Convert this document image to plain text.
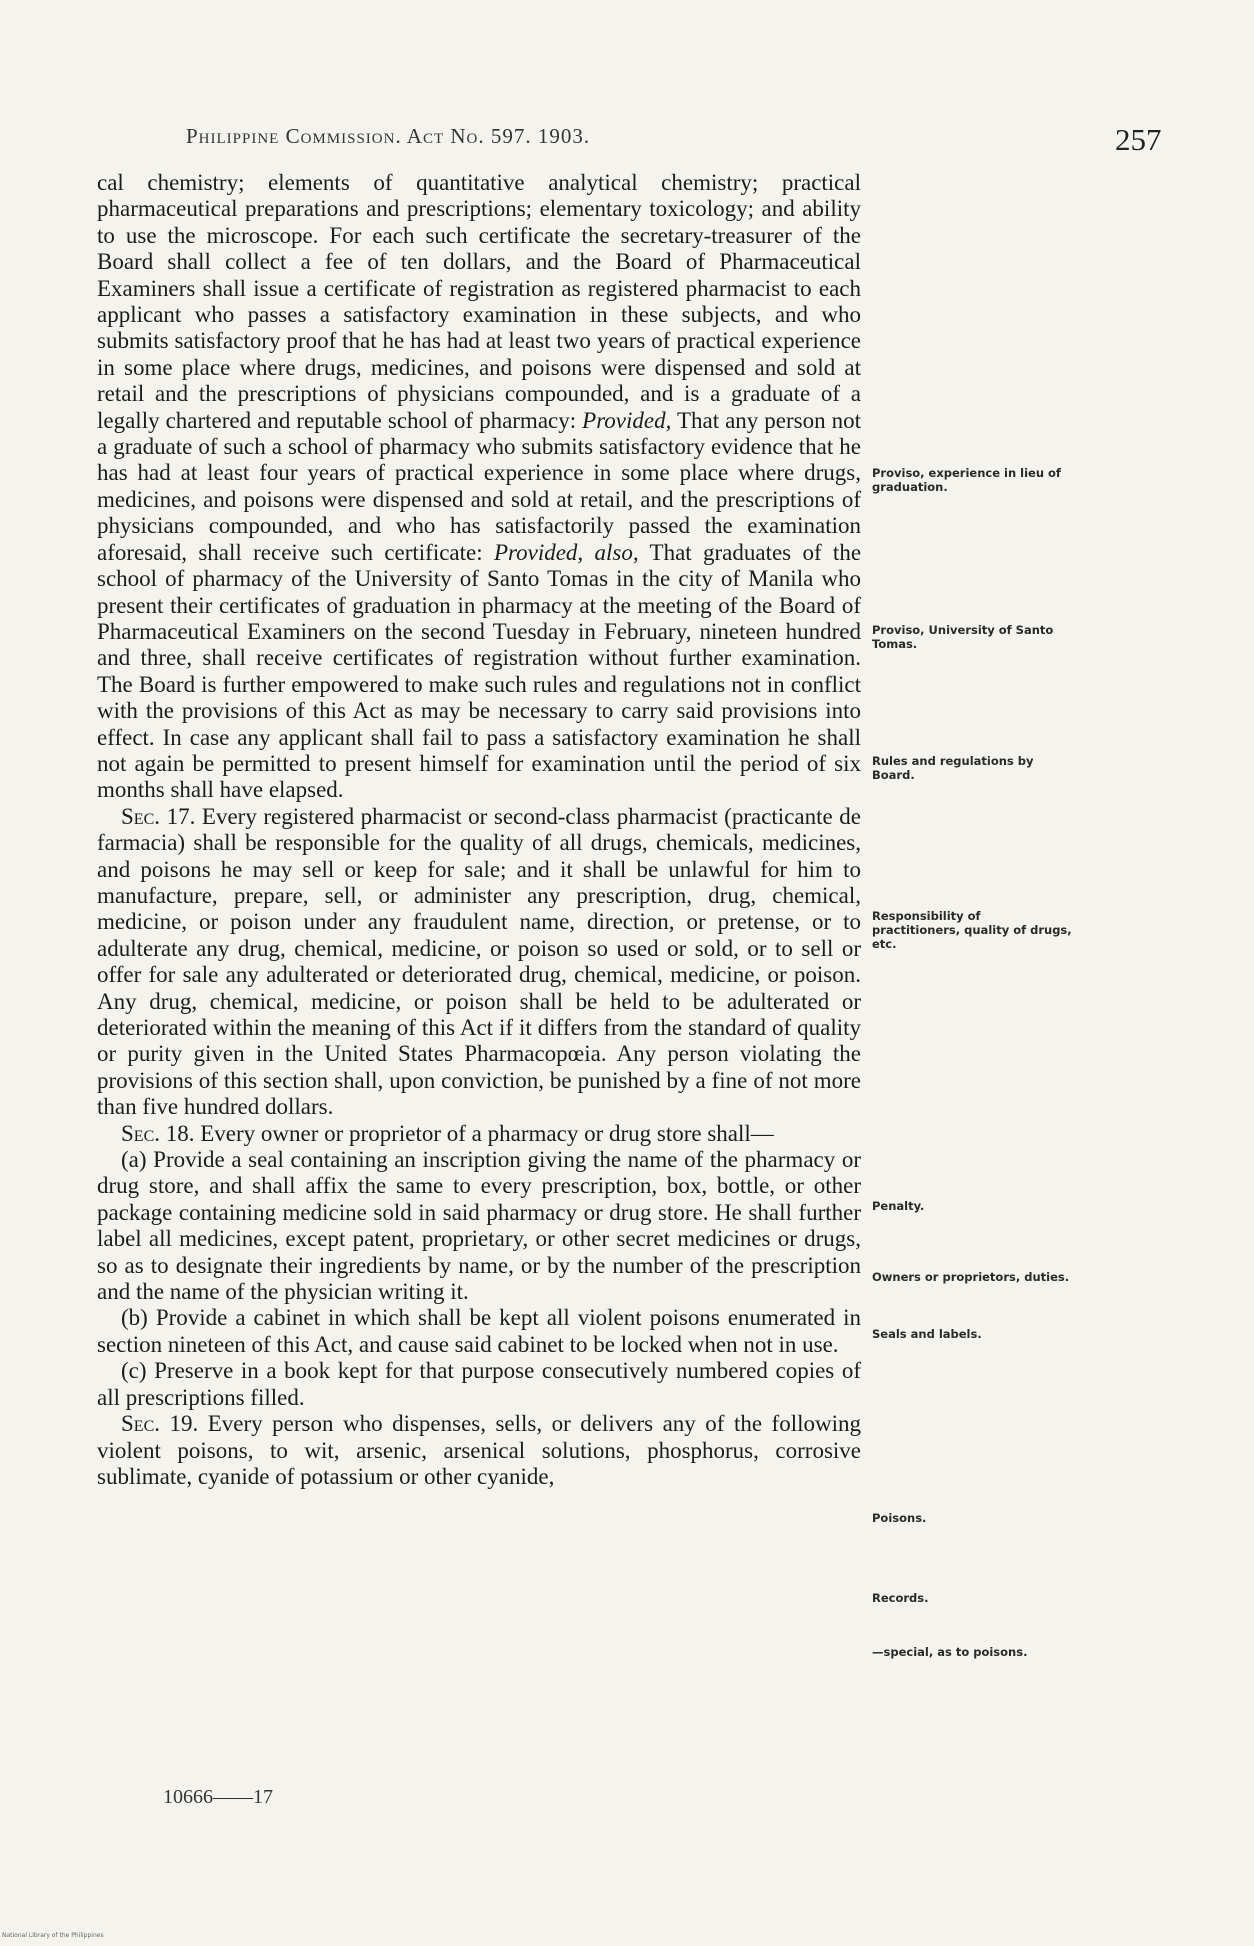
Philippine Commission. Act No. 597. 1903.	257

cal chemistry; elements of quantitative analytical chemistry; practical pharmaceutical preparations and prescriptions; elementary toxicology; and ability to use the microscope. For each such certificate the secretary-treasurer of the Board shall collect a fee of ten dollars, and the Board of Pharmaceutical Examiners shall issue a certificate of registration as registered pharmacist to each applicant who passes a satisfactory examination in these subjects, and who submits satisfactory proof that he has had at least two years of practical experience in some place where drugs, medicines, and poisons were dispensed and sold at retail and the prescriptions of physicians compounded, and is a graduate of a legally chartered and reputable school of pharmacy: Provided, That any person not a graduate of such a school of pharmacy who submits satisfactory evidence that he has had at least four years of practical experience in some place where drugs, medicines, and poisons were dispensed and sold at retail, and the prescriptions of physicians compounded, and who has satisfactorily passed the examination aforesaid, shall receive such certificate: Provided, also, That graduates of the school of pharmacy of the University of Santo Tomas in the city of Manila who present their certificates of graduation in pharmacy at the meeting of the Board of Pharmaceutical Examiners on the second Tuesday in February, nineteen hundred and three, shall receive certificates of registration without further examination. The Board is further empowered to make such rules and regulations not in conflict with the provisions of this Act as may be necessary to carry said provisions into effect. In case any applicant shall fail to pass a satisfactory examination he shall not again be permitted to present himself for examination until the period of six months shall have elapsed.

Sec. 17. Every registered pharmacist or second-class pharmacist (practicante de farmacia) shall be responsible for the quality of all drugs, chemicals, medicines, and poisons he may sell or keep for sale; and it shall be unlawful for him to manufacture, prepare, sell, or administer any prescription, drug, chemical, medicine, or poison under any fraudulent name, direction, or pretense, or to adulterate any drug, chemical, medicine, or poison so used or sold, or to sell or offer for sale any adulterated or deteriorated drug, chemical, medicine, or poison. Any drug, chemical, medicine, or poison shall be held to be adulterated or deteriorated within the meaning of this Act if it differs from the standard of quality or purity given in the United States Pharmacopœia. Any person violating the provisions of this section shall, upon conviction, be punished by a fine of not more than five hundred dollars.

Sec. 18. Every owner or proprietor of a pharmacy or drug store shall—

(a) Provide a seal containing an inscription giving the name of the pharmacy or drug store, and shall affix the same to every prescription, box, bottle, or other package containing medicine sold in said pharmacy or drug store. He shall further label all medicines, except patent, proprietary, or other secret medicines or drugs, so as to designate their ingredients by name, or by the number of the prescription and the name of the physician writing it.

(b) Provide a cabinet in which shall be kept all violent poisons enumerated in section nineteen of this Act, and cause said cabinet to be locked when not in use.

(c) Preserve in a book kept for that purpose consecutively numbered copies of all prescriptions filled.

Sec. 19. Every person who dispenses, sells, or delivers any of the following violent poisons, to wit, arsenic, arsenical solutions, phosphorus, corrosive sublimate, cyanide of potassium or other cyanide,

Proviso, experience in lieu of graduation.
Proviso, University of Santo Tomas.
Rules and regulations by Board.
Responsibility of practitioners, quality of drugs, etc.
Penalty.
Owners or proprietors, duties.
Seals and labels.
Poisons.
Records.
—special, as to poisons.
10666——17
National Library of the Philippines
